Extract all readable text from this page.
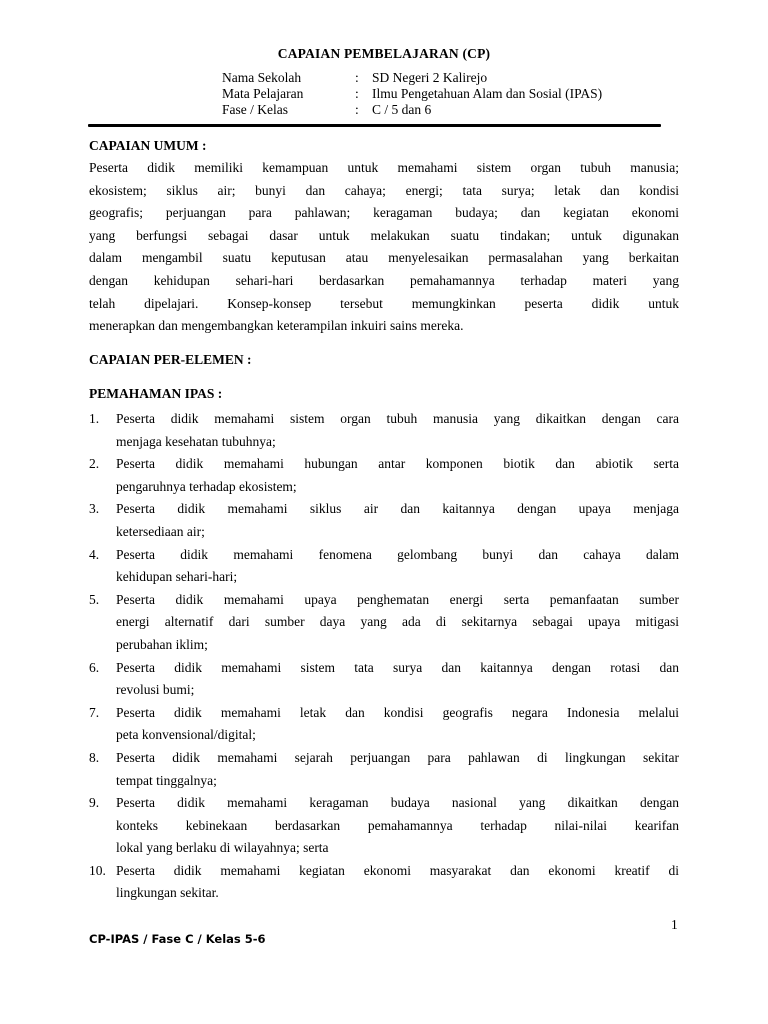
CAPAIAN PEMBELAJARAN (CP)
Nama Sekolah	: SD Negeri 2 Kalirejo
Mata Pelajaran	: Ilmu Pengetahuan Alam dan Sosial (IPAS)
Fase / Kelas	: C / 5 dan 6
CAPAIAN UMUM :
Peserta didik memiliki kemampuan untuk memahami sistem organ tubuh manusia;
ekosistem; siklus air; bunyi dan cahaya; energi; tata surya; letak dan kondisi
geografis; perjuangan para pahlawan; keragaman budaya; dan kegiatan ekonomi
yang berfungsi sebagai dasar untuk melakukan suatu tindakan; untuk digunakan
dalam mengambil suatu keputusan atau menyelesaikan permasalahan yang berkaitan
dengan kehidupan sehari-hari berdasarkan pemahamannya terhadap materi yang
telah dipelajari. Konsep-konsep tersebut memungkinkan peserta didik untuk
menerapkan dan mengembangkan keterampilan inkuiri sains mereka.
CAPAIAN PER-ELEMEN :
PEMAHAMAN IPAS :
1.	Peserta didik memahami sistem organ tubuh manusia yang dikaitkan dengan cara
menjaga kesehatan tubuhnya;
2.	Peserta didik memahami hubungan antar komponen biotik dan abiotik serta
pengaruhnya terhadap ekosistem;
3.	Peserta didik memahami siklus air dan kaitannya dengan upaya menjaga
ketersediaan air;
4.	Peserta didik memahami fenomena gelombang bunyi dan cahaya dalam
kehidupan sehari-hari;
5.	Peserta didik memahami upaya penghematan energi serta pemanfaatan sumber
energi alternatif dari sumber daya yang ada di sekitarnya sebagai upaya mitigasi
perubahan iklim;
6.	Peserta didik memahami sistem tata surya dan kaitannya dengan rotasi dan
revolusi bumi;
7.	Peserta didik memahami letak dan kondisi geografis negara Indonesia melalui
peta konvensional/digital;
8.	Peserta didik memahami sejarah perjuangan para pahlawan di lingkungan sekitar
tempat tinggalnya;
9.	Peserta didik memahami keragaman budaya nasional yang dikaitkan dengan
konteks kebinekaan berdasarkan pemahamannya terhadap nilai-nilai kearifan
lokal yang berlaku di wilayahnya; serta
10. Peserta didik memahami kegiatan ekonomi masyarakat dan ekonomi kreatif di
lingkungan sekitar.
1
CP-IPAS / Fase C / Kelas 5-6
